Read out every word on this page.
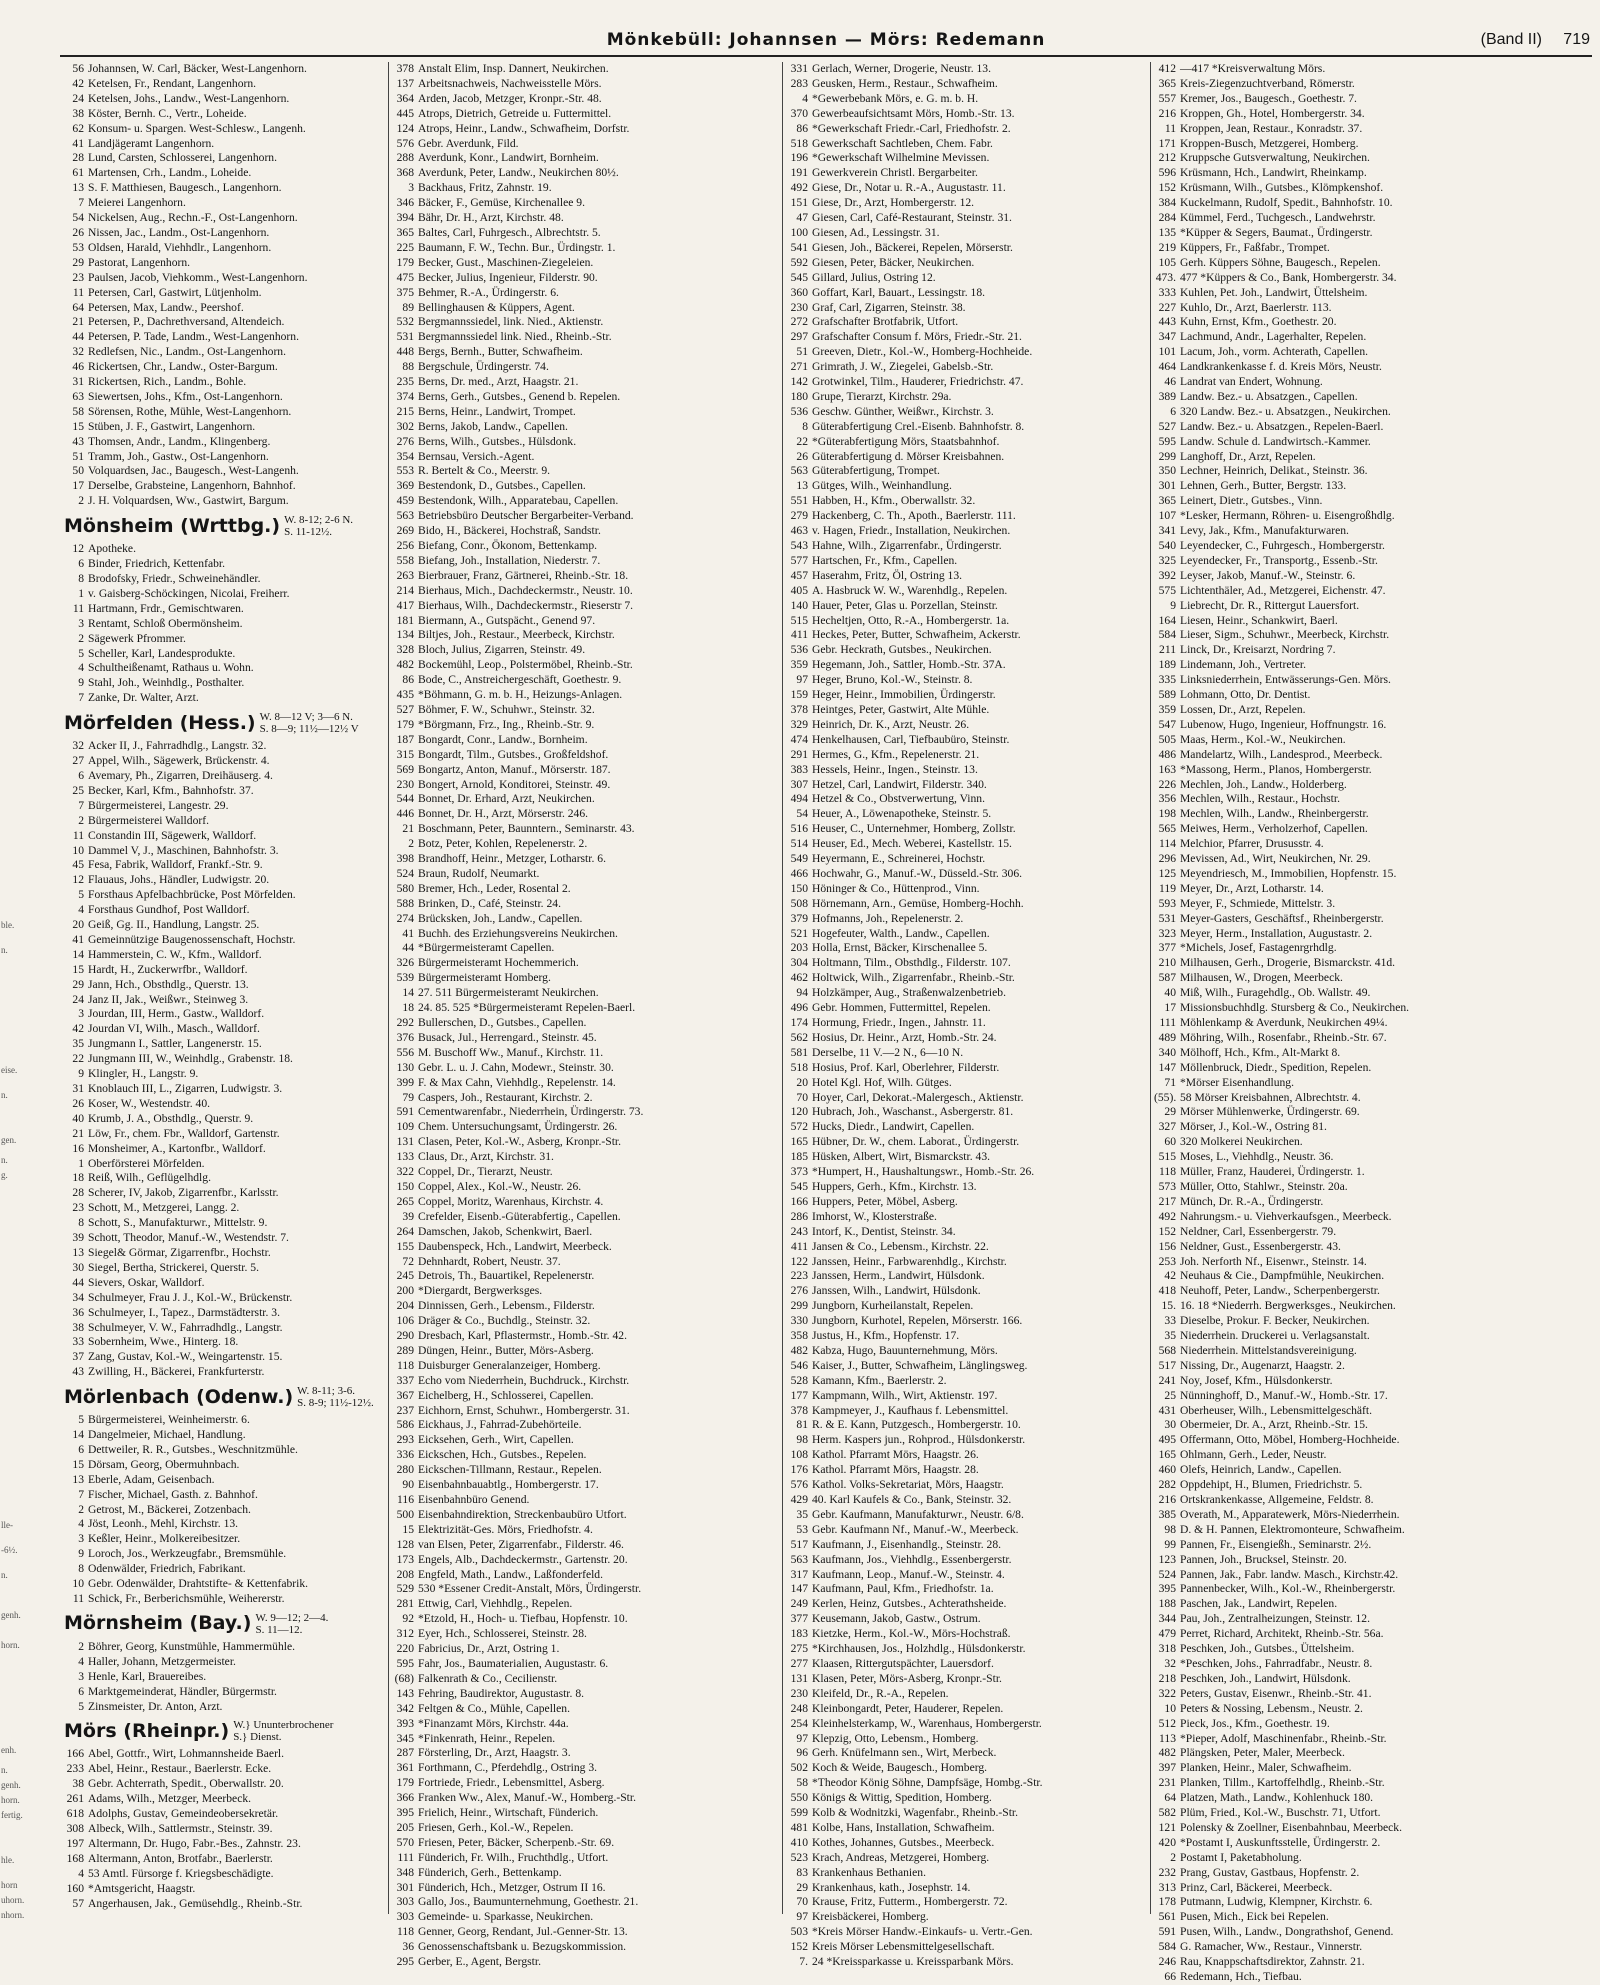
Mönkebüll: Johannsen — Mörs: Redemann	(Band II) 719
ble.
n.
eise.
n.
gen.
n.
g.
lle-
-6½.
n.
genh.
horn.
enh.
n.
genh.
horn.
fertig.
hle.
horn
uhorn.
nhorn.
56 Johannsen, W. Carl, Bäcker, West-Langenhorn.
42 Ketelsen, Fr., Rendant, Langenhorn.
24 Ketelsen, Johs., Landw., West-Langenhorn.
38 Köster, Bernh. C., Vertr., Loheide.
62 Konsum- u. Spargen. West-Schlesw., Langenh.
41 Landjägeramt Langenhorn.
28 Lund, Carsten, Schlosserei, Langenhorn.
61 Martensen, Crh., Landm., Loheide.
13 S. F. Matthiesen, Baugesch., Langenhorn.
7 Meierei Langenhorn.
54 Nickelsen, Aug., Rechn.-F., Ost-Langenhorn.
26 Nissen, Jac., Landm., Ost-Langenhorn.
53 Oldsen, Harald, Viehhdlr., Langenhorn.
29 Pastorat, Langenhorn.
23 Paulsen, Jacob, Viehkomm., West-Langenhorn.
11 Petersen, Carl, Gastwirt, Lütjenholm.
64 Petersen, Max, Landw., Peershof.
21 Petersen, P., Dachrethversand, Altendeich.
44 Petersen, P. Tade, Landm., West-Langenhorn.
32 Redlefsen, Nic., Landm., Ost-Langenhorn.
46 Rickertsen, Chr., Landw., Oster-Bargum.
31 Rickertsen, Rich., Landm., Bohle.
63 Siewertsen, Johs., Kfm., Ost-Langenhorn.
58 Sörensen, Rothe, Mühle, West-Langenhorn.
15 Stüben, J. F., Gastwirt, Langenhorn.
43 Thomsen, Andr., Landm., Klingenberg.
51 Tramm, Joh., Gastw., Ost-Langenhorn.
50 Volquardsen, Jac., Baugesch., West-Langenh.
17 Derselbe, Grabsteine, Langenhorn, Bahnhof.
2 J. H. Volquardsen, Ww., Gastwirt, Bargum.
Mönsheim (Wrttbg.) W. 8-12; 2-6 N.
S. 11-12½.
12 Apotheke.
6 Binder, Friedrich, Kettenfabr.
8 Brodofsky, Friedr., Schweinehändler.
1 v. Gaisberg-Schöckingen, Nicolai, Freiherr.
11 Hartmann, Frdr., Gemischtwaren.
3 Rentamt, Schloß Obermönsheim.
2 Sägewerk Pfrommer.
5 Scheller, Karl, Landesprodukte.
4 Schultheißenamt, Rathaus u. Wohn.
9 Stahl, Joh., Weinhdlg., Posthalter.
7 Zanke, Dr. Walter, Arzt.
Mörfelden (Hess.) W. 8—12 V; 3—6 N.
S. 8—9; 11½—12½ V
32 Acker II, J., Fahrradhdlg., Langstr. 32.
27 Appel, Wilh., Sägewerk, Brückenstr. 4.
6 Avemary, Ph., Zigarren, Dreihäuserg. 4.
25 Becker, Karl, Kfm., Bahnhofstr. 37.
7 Bürgermeisterei, Langestr. 29.
2 Bürgermeisterei Walldorf.
11 Constandin III, Sägewerk, Walldorf.
10 Dammel V, J., Maschinen, Bahnhofstr. 3.
45 Fesa, Fabrik, Walldorf, Frankf.-Str. 9.
12 Flauaus, Johs., Händler, Ludwigstr. 20.
5 Forsthaus Apfelbachbrücke, Post Mörfelden.
4 Forsthaus Gundhof, Post Walldorf.
20 Geiß, Gg. II., Handlung, Langstr. 25.
41 Gemeinnützige Baugenossenschaft, Hochstr.
14 Hammerstein, C. W., Kfm., Walldorf.
15 Hardt, H., Zuckerwrfbr., Walldorf.
29 Jann, Hch., Obsthdlg., Querstr. 13.
24 Janz II, Jak., Weißwr., Steinweg 3.
3 Jourdan, III, Herm., Gastw., Walldorf.
42 Jourdan VI, Wilh., Masch., Walldorf.
35 Jungmann I., Sattler, Langenerstr. 15.
22 Jungmann III, W., Weinhdlg., Grabenstr. 18.
9 Klingler, H., Langstr. 9.
31 Knoblauch III, L., Zigarren, Ludwigstr. 3.
26 Koser, W., Westendstr. 40.
40 Krumb, J. A., Obsthdlg., Querstr. 9.
21 Löw, Fr., chem. Fbr., Walldorf, Gartenstr.
16 Monsheimer, A., Kartonfbr., Walldorf.
1 Oberförsterei Mörfelden.
18 Reiß, Wilh., Geflügelhdlg.
28 Scherer, IV, Jakob, Zigarrenfbr., Karlsstr.
23 Schott, M., Metzgerei, Langg. 2.
8 Schott, S., Manufakturwr., Mittelstr. 9.
39 Schott, Theodor, Manuf.-W., Westendstr. 7.
13 Siegel& Görmar, Zigarrenfbr., Hochstr.
30 Siegel, Bertha, Strickerei, Querstr. 5.
44 Sievers, Oskar, Walldorf.
34 Schulmeyer, Frau J. J., Kol.-W., Brückenstr.
36 Schulmeyer, I., Tapez., Darmstädterstr. 3.
38 Schulmeyer, V. W., Fahrradhdlg., Langstr.
33 Sobernheim, Wwe., Hinterg. 18.
37 Zang, Gustav, Kol.-W., Weingartenstr. 15.
43 Zwilling, H., Bäckerei, Frankfurterstr.
Mörlenbach (Odenw.) W. 8-11; 3-6.
S. 8-9; 11½-12½.
5 Bürgermeisterei, Weinheimerstr. 6.
14 Dangelmeier, Michael, Handlung.
6 Dettweiler, R. R., Gutsbes., Weschnitzmühle.
15 Dörsam, Georg, Obermuhnbach.
13 Eberle, Adam, Geisenbach.
7 Fischer, Michael, Gasth. z. Bahnhof.
2 Getrost, M., Bäckerei, Zotzenbach.
4 Jöst, Leonh., Mehl, Kirchstr. 13.
3 Keßler, Heinr., Molkereibesitzer.
9 Loroch, Jos., Werkzeugfabr., Bremsmühle.
8 Odenwälder, Friedrich, Fabrikant.
10 Gebr. Odenwälder, Drahtstifte- & Kettenfabrik.
11 Schick, Fr., Berberichsmühle, Weihererstr.
Mörnsheim (Bay.) W. 9—12; 2—4.
S. 11—12.
2 Böhrer, Georg, Kunstmühle, Hammermühle.
4 Haller, Johann, Metzgermeister.
3 Henle, Karl, Brauereibes.
6 Marktgemeinderat, Händler, Bürgermstr.
5 Zinsmeister, Dr. Anton, Arzt.
Mörs (Rheinpr.) W.} Ununterbrochener
S.} Dienst.
166 Abel, Gottfr., Wirt, Lohmannsheide Baerl.
233 Abel, Heinr., Restaur., Baerlerstr. Ecke.
38 Gebr. Achterrath, Spedit., Oberwallstr. 20.
261 Adams, Wilh., Metzger, Meerbeck.
618 Adolphs, Gustav, Gemeindeobersekretär.
308 Albeck, Wilh., Sattlermstr., Steinstr. 39.
197 Altermann, Dr. Hugo, Fabr.-Bes., Zahnstr. 23.
168 Altermann, Anton, Brotfabr., Baerlerstr.
4 53 Amtl. Fürsorge f. Kriegsbeschädigte.
160 *Amtsgericht, Haagstr.
57 Angerhausen, Jak., Gemüsehdlg., Rheinb.-Str.
378 Anstalt Elim, Insp. Dannert, Neukirchen.
137 Arbeitsnachweis, Nachweisstelle Mörs.
364 Arden, Jacob, Metzger, Kronpr.-Str. 48.
445 Atrops, Dietrich, Getreide u. Futtermittel.
124 Atrops, Heinr., Landw., Schwafheim, Dorfstr.
576 Gebr. Averdunk, Fild.
288 Averdunk, Konr., Landwirt, Bornheim.
368 Averdunk, Peter, Landw., Neukirchen 80½.
3 Backhaus, Fritz, Zahnstr. 19.
346 Bäcker, F., Gemüse, Kirchenallee 9.
394 Bähr, Dr. H., Arzt, Kirchstr. 48.
365 Baltes, Carl, Fuhrgesch., Albrechtstr. 5.
225 Baumann, F. W., Techn. Bur., Ürdingstr. 1.
179 Becker, Gust., Maschinen-Ziegeleien.
475 Becker, Julius, Ingenieur, Filderstr. 90.
375 Behmer, R.-A., Ürdingerstr. 6.
89 Bellinghausen & Küppers, Agent.
532 Bergmannssiedel, link. Nied., Aktienstr.
531 Bergmannssiedel link. Nied., Rheinb.-Str.
448 Bergs, Bernh., Butter, Schwafheim.
88 Bergschule, Ürdingerstr. 74.
235 Berns, Dr. med., Arzt, Haagstr. 21.
374 Berns, Gerh., Gutsbes., Genend b. Repelen.
215 Berns, Heinr., Landwirt, Trompet.
302 Berns, Jakob, Landw., Capellen.
276 Berns, Wilh., Gutsbes., Hülsdonk.
354 Bernsau, Versich.-Agent.
553 R. Bertelt & Co., Meerstr. 9.
369 Bestendonk, D., Gutsbes., Capellen.
459 Bestendonk, Wilh., Apparatebau, Capellen.
563 Betriebsbüro Deutscher Bergarbeiter-Verband.
269 Bido, H., Bäckerei, Hochstraß, Sandstr.
256 Biefang, Conr., Ökonom, Bettenkamp.
558 Biefang, Joh., Installation, Niederstr. 7.
263 Bierbrauer, Franz, Gärtnerei, Rheinb.-Str. 18.
214 Bierhaus, Mich., Dachdeckermstr., Neustr. 10.
417 Bierhaus, Wilh., Dachdeckermstr., Rieserstr 7.
181 Biermann, A., Gutspächt., Genend 97.
134 Biltjes, Joh., Restaur., Meerbeck, Kirchstr.
328 Bloch, Julius, Zigarren, Steinstr. 49.
482 Bockemühl, Leop., Polstermöbel, Rheinb.-Str.
86 Bode, C., Anstreichergeschäft, Goethestr. 9.
435 *Böhmann, G. m. b. H., Heizungs-Anlagen.
527 Böhmer, F. W., Schuhwr., Steinstr. 32.
179 *Börgmann, Frz., Ing., Rheinb.-Str. 9.
187 Bongardt, Conr., Landw., Bornheim.
315 Bongardt, Tilm., Gutsbes., Großfeldshof.
569 Bongartz, Anton, Manuf., Mörserstr. 187.
230 Bongert, Arnold, Konditorei, Steinstr. 49.
544 Bonnet, Dr. Erhard, Arzt, Neukirchen.
446 Bonnet, Dr. H., Arzt, Mörserstr. 246.
21 Boschmann, Peter, Baunntern., Seminarstr. 43.
2 Botz, Peter, Kohlen, Repelenerstr. 2.
398 Brandhoff, Heinr., Metzger, Lotharstr. 6.
524 Braun, Rudolf, Neumarkt.
580 Bremer, Hch., Leder, Rosental 2.
588 Brinken, D., Café, Steinstr. 24.
274 Brücksken, Joh., Landw., Capellen.
41 Buchh. des Erziehungsvereins Neukirchen.
44 *Bürgermeisteramt Capellen.
326 Bürgermeisteramt Hochemmerich.
539 Bürgermeisteramt Homberg.
14 27. 511 Bürgermeisteramt Neukirchen.
18 24. 85. 525 *Bürgermeisteramt Repelen-Baerl.
292 Bullerschen, D., Gutsbes., Capellen.
376 Busack, Jul., Herrengard., Steinstr. 45.
556 M. Buschoff Ww., Manuf., Kirchstr. 11.
130 Gebr. L. u. J. Cahn, Modewr., Steinstr. 30.
399 F. & Max Cahn, Viehhdlg., Repelenstr. 14.
79 Caspers, Joh., Restaurant, Kirchstr. 2.
591 Cementwarenfabr., Niederrhein, Ürdingerstr. 73.
109 Chem. Untersuchungsamt, Ürdingerstr. 26.
131 Clasen, Peter, Kol.-W., Asberg, Kronpr.-Str.
133 Claus, Dr., Arzt, Kirchstr. 31.
322 Coppel, Dr., Tierarzt, Neustr.
150 Coppel, Alex., Kol.-W., Neustr. 26.
265 Coppel, Moritz, Warenhaus, Kirchstr. 4.
39 Crefelder, Eisenb.-Güterabfertig., Capellen.
264 Damschen, Jakob, Schenkwirt, Baerl.
155 Daubenspeck, Hch., Landwirt, Meerbeck.
72 Dehnhardt, Robert, Neustr. 37.
245 Detrois, Th., Bauartikel, Repelenerstr.
200 *Diergardt, Bergwerksges.
204 Dinnissen, Gerh., Lebensm., Filderstr.
106 Dräger & Co., Buchdlg., Steinstr. 32.
290 Dresbach, Karl, Pflastermstr., Homb.-Str. 42.
289 Düngen, Heinr., Butter, Mörs-Asberg.
118 Duisburger Generalanzeiger, Homberg.
337 Echo vom Niederrhein, Buchdruck., Kirchstr.
367 Eichelberg, H., Schlosserei, Capellen.
237 Eichhorn, Ernst, Schuhwr., Hombergerstr. 31.
586 Eickhaus, J., Fahrrad-Zubehörteile.
293 Eicksehen, Gerh., Wirt, Capellen.
336 Eickschen, Hch., Gutsbes., Repelen.
280 Eickschen-Tillmann, Restaur., Repelen.
90 Eisenbahnbauabtlg., Hombergerstr. 17.
116 Eisenbahnbüro Genend.
500 Eisenbahndirektion, Streckenbaubüro Utfort.
15 Elektrizität-Ges. Mörs, Friedhofstr. 4.
128 van Elsen, Peter, Zigarrenfabr., Filderstr. 46.
173 Engels, Alb., Dachdeckermstr., Gartenstr. 20.
208 Engfeld, Math., Landw., Laßfonderfeld.
529 530 *Essener Credit-Anstalt, Mörs, Ürdingerstr.
281 Ettwig, Carl, Viehhdlg., Repelen.
92 *Etzold, H., Hoch- u. Tiefbau, Hopfenstr. 10.
312 Eyer, Hch., Schlosserei, Steinstr. 28.
220 Fabricius, Dr., Arzt, Ostring 1.
595 Fahr, Jos., Baumaterialien, Augustastr. 6.
(68) Falkenrath & Co., Cecilienstr.
143 Fehring, Baudirektor, Augustastr. 8.
342 Feltgen & Co., Mühle, Capellen.
393 *Finanzamt Mörs, Kirchstr. 44a.
345 *Finkenrath, Heinr., Repelen.
287 Försterling, Dr., Arzt, Haagstr. 3.
361 Forthmann, C., Pferdehdlg., Ostring 3.
179 Fortriede, Friedr., Lebensmittel, Asberg.
366 Franken Ww., Alex, Manuf.-W., Homberg.-Str.
395 Frielich, Heinr., Wirtschaft, Fünderich.
205 Friesen, Gerh., Kol.-W., Repelen.
570 Friesen, Peter, Bäcker, Scherpenb.-Str. 69.
111 Fünderich, Fr. Wilh., Fruchthdlg., Utfort.
348 Fünderich, Gerh., Bettenkamp.
301 Fünderich, Hch., Metzger, Ostrum II 16.
303 Gallo, Jos., Baumunternehmung, Goethestr. 21.
303 Gemeinde- u. Sparkasse, Neukirchen.
118 Genner, Georg, Rendant, Jul.-Genner-Str. 13.
36 Genossenschaftsbank u. Bezugskommission.
295 Gerber, E., Agent, Bergstr.
331 Gerlach, Werner, Drogerie, Neustr. 13.
283 Geusken, Herm., Restaur., Schwafheim.
4 *Gewerbebank Mörs, e. G. m. b. H.
370 Gewerbeaufsichtsamt Mörs, Homb.-Str. 13.
86 *Gewerkschaft Friedr.-Carl, Friedhofstr. 2.
518 Gewerkschaft Sachtleben, Chem. Fabr.
196 *Gewerkschaft Wilhelmine Mevissen.
191 Gewerkverein Christl. Bergarbeiter.
492 Giese, Dr., Notar u. R.-A., Augustastr. 11.
151 Giese, Dr., Arzt, Hombergerstr. 12.
47 Giesen, Carl, Café-Restaurant, Steinstr. 31.
100 Giesen, Ad., Lessingstr. 31.
541 Giesen, Joh., Bäckerei, Repelen, Mörserstr.
592 Giesen, Peter, Bäcker, Neukirchen.
545 Gillard, Julius, Ostring 12.
360 Goffart, Karl, Bauart., Lessingstr. 18.
230 Graf, Carl, Zigarren, Steinstr. 38.
272 Grafschafter Brotfabrik, Utfort.
297 Grafschafter Consum f. Mörs, Friedr.-Str. 21.
51 Greeven, Dietr., Kol.-W., Homberg-Hochheide.
271 Grimrath, J. W., Ziegelei, Gabelsb.-Str.
142 Grotwinkel, Tilm., Hauderer, Friedrichstr. 47.
180 Grupe, Tierarzt, Kirchstr. 29a.
536 Geschw. Günther, Weißwr., Kirchstr. 3.
8 Güterabfertigung Crel.-Eisenb. Bahnhofstr. 8.
22 *Güterabfertigung Mörs, Staatsbahnhof.
26 Güterabfertigung d. Mörser Kreisbahnen.
563 Güterabfertigung, Trompet.
13 Gütges, Wilh., Weinhandlung.
551 Habben, H., Kfm., Oberwallstr. 32.
279 Hackenberg, C. Th., Apoth., Baerlerstr. 111.
463 v. Hagen, Friedr., Installation, Neukirchen.
543 Hahne, Wilh., Zigarrenfabr., Ürdingerstr.
577 Hartschen, Fr., Kfm., Capellen.
457 Haserahm, Fritz, Öl, Ostring 13.
405 A. Hasbruck W. W., Warenhdlg., Repelen.
140 Hauer, Peter, Glas u. Porzellan, Steinstr.
515 Hecheltjen, Otto, R.-A., Hombergerstr. 1a.
411 Heckes, Peter, Butter, Schwafheim, Ackerstr.
536 Gebr. Heckrath, Gutsbes., Neukirchen.
359 Hegemann, Joh., Sattler, Homb.-Str. 37A.
97 Heger, Bruno, Kol.-W., Steinstr. 8.
159 Heger, Heinr., Immobilien, Ürdingerstr.
378 Heintges, Peter, Gastwirt, Alte Mühle.
329 Heinrich, Dr. K., Arzt, Neustr. 26.
474 Henkelhausen, Carl, Tiefbaubüro, Steinstr.
291 Hermes, G., Kfm., Repelenerstr. 21.
383 Hessels, Heinr., Ingen., Steinstr. 13.
307 Hetzel, Carl, Landwirt, Filderstr. 340.
494 Hetzel & Co., Obstverwertung, Vinn.
54 Heuer, A., Löwenapotheke, Steinstr. 5.
516 Heuser, C., Unternehmer, Homberg, Zollstr.
514 Heuser, Ed., Mech. Weberei, Kastellstr. 15.
549 Heyermann, E., Schreinerei, Hochstr.
466 Hochwahr, G., Manuf.-W., Düsseld.-Str. 306.
150 Höninger & Co., Hüttenprod., Vinn.
508 Hörnemann, Arn., Gemüse, Homberg-Hochh.
379 Hofmanns, Joh., Repelenerstr. 2.
521 Hogefeuter, Walth., Landw., Capellen.
203 Holla, Ernst, Bäcker, Kirschenallee 5.
304 Holtmann, Tilm., Obsthdlg., Filderstr. 107.
462 Holtwick, Wilh., Zigarrenfabr., Rheinb.-Str.
94 Holzkämper, Aug., Straßenwalzenbetrieb.
496 Gebr. Hommen, Futtermittel, Repelen.
174 Hormung, Friedr., Ingen., Jahnstr. 11.
562 Hosius, Dr. Heinr., Arzt, Homb.-Str. 24.
581 Derselbe, 11 V.—2 N., 6—10 N.
518 Hosius, Prof. Karl, Oberlehrer, Filderstr.
20 Hotel Kgl. Hof, Wilh. Gütges.
70 Hoyer, Carl, Dekorat.-Malergesch., Aktienstr.
120 Hubrach, Joh., Waschanst., Asbergerstr. 81.
572 Hucks, Diedr., Landwirt, Capellen.
165 Hübner, Dr. W., chem. Laborat., Ürdingerstr.
185 Hüsken, Albert, Wirt, Bismarckstr. 43.
373 *Humpert, H., Haushaltungswr., Homb.-Str. 26.
545 Huppers, Gerh., Kfm., Kirchstr. 13.
166 Huppers, Peter, Möbel, Asberg.
286 Imhorst, W., Klosterstraße.
243 Intorf, K., Dentist, Steinstr. 34.
411 Jansen & Co., Lebensm., Kirchstr. 22.
122 Janssen, Heinr., Farbwarenhdlg., Kirchstr.
223 Janssen, Herm., Landwirt, Hülsdonk.
276 Janssen, Wilh., Landwirt, Hülsdonk.
299 Jungborn, Kurheilanstalt, Repelen.
330 Jungborn, Kurhotel, Repelen, Mörserstr. 166.
358 Justus, H., Kfm., Hopfenstr. 17.
482 Kabza, Hugo, Bauunternehmung, Mörs.
546 Kaiser, J., Butter, Schwafheim, Länglingsweg.
528 Kamann, Kfm., Baerlerstr. 2.
177 Kampmann, Wilh., Wirt, Aktienstr. 197.
378 Kampmeyer, J., Kaufhaus f. Lebensmittel.
81 R. & E. Kann, Putzgesch., Hombergerstr. 10.
98 Herm. Kaspers jun., Rohprod., Hülsdonkerstr.
108 Kathol. Pfarramt Mörs, Haagstr. 26.
176 Kathol. Pfarramt Mörs, Haagstr. 28.
576 Kathol. Volks-Sekretariat, Mörs, Haagstr.
429 40. Karl Kaufels & Co., Bank, Steinstr. 32.
35 Gebr. Kaufmann, Manufakturwr., Neustr. 6/8.
53 Gebr. Kaufmann Nf., Manuf.-W., Meerbeck.
517 Kaufmann, J., Eisenhandlg., Steinstr. 28.
563 Kaufmann, Jos., Viehhdlg., Essenbergerstr.
317 Kaufmann, Leop., Manuf.-W., Steinstr. 4.
147 Kaufmann, Paul, Kfm., Friedhofstr. 1a.
249 Kerlen, Heinz, Gutsbes., Achterathsheide.
377 Keusemann, Jakob, Gastw., Ostrum.
183 Kietzke, Herm., Kol.-W., Mörs-Hochstraß.
275 *Kirchhausen, Jos., Holzhdlg., Hülsdonkerstr.
277 Klaasen, Rittergutspächter, Lauersdorf.
131 Klasen, Peter, Mörs-Asberg, Kronpr.-Str.
230 Kleifeld, Dr., R.-A., Repelen.
248 Kleinbongardt, Peter, Hauderer, Repelen.
254 Kleinhelsterkamp, W., Warenhaus, Hombergerstr.
97 Klepzig, Otto, Lebensm., Homberg.
96 Gerh. Knüfelmann sen., Wirt, Merbeck.
502 Koch & Weide, Baugesch., Homberg.
58 *Theodor König Söhne, Dampfsäge, Hombg.-Str.
550 Königs & Wittig, Spedition, Homberg.
599 Kolb & Wodnitzki, Wagenfabr., Rheinb.-Str.
481 Kolbe, Hans, Installation, Schwafheim.
410 Kothes, Johannes, Gutsbes., Meerbeck.
523 Krach, Andreas, Metzgerei, Homberg.
83 Krankenhaus Bethanien.
29 Krankenhaus, kath., Josephstr. 14.
70 Krause, Fritz, Futterm., Hombergerstr. 72.
97 Kreisbäckerei, Homberg.
503 *Kreis Mörser Handw.-Einkaufs- u. Vertr.-Gen.
152 Kreis Mörser Lebensmittelgesellschaft.
7. 24 *Kreissparkasse u. Kreissparbank Mörs.
412 —417 *Kreisverwaltung Mörs.
365 Kreis-Ziegenzuchtverband, Römerstr.
557 Kremer, Jos., Baugesch., Goethestr. 7.
216 Kroppen, Gh., Hotel, Hombergerstr. 34.
11 Kroppen, Jean, Restaur., Konradstr. 37.
171 Kroppen-Busch, Metzgerei, Homberg.
212 Kruppsche Gutsverwaltung, Neukirchen.
596 Krüsmann, Hch., Landwirt, Rheinkamp.
152 Krüsmann, Wilh., Gutsbes., Klömpkenshof.
384 Kuckelmann, Rudolf, Spedit., Bahnhofstr. 10.
284 Kümmel, Ferd., Tuchgesch., Landwehrstr.
135 *Küpper & Segers, Baumat., Ürdingerstr.
219 Küppers, Fr., Faßfabr., Trompet.
105 Gerh. Küppers Söhne, Baugesch., Repelen.
473. 477 *Küppers & Co., Bank, Hombergerstr. 34.
333 Kuhlen, Pet. Joh., Landwirt, Üttelsheim.
227 Kuhlo, Dr., Arzt, Baerlerstr. 113.
443 Kuhn, Ernst, Kfm., Goethestr. 20.
347 Lachmund, Andr., Lagerhalter, Repelen.
101 Lacum, Joh., vorm. Achterath, Capellen.
464 Landkrankenkasse f. d. Kreis Mörs, Neustr.
46 Landrat van Endert, Wohnung.
389 Landw. Bez.- u. Absatzgen., Capellen.
6 320 Landw. Bez.- u. Absatzgen., Neukirchen.
527 Landw. Bez.- u. Absatzgen., Repelen-Baerl.
595 Landw. Schule d. Landwirtsch.-Kammer.
299 Langhoff, Dr., Arzt, Repelen.
350 Lechner, Heinrich, Delikat., Steinstr. 36.
301 Lehnen, Gerh., Butter, Bergstr. 133.
365 Leinert, Dietr., Gutsbes., Vinn.
107 *Lesker, Hermann, Röhren- u. Eisengroßhdlg.
341 Levy, Jak., Kfm., Manufakturwaren.
540 Leyendecker, C., Fuhrgesch., Hombergerstr.
325 Leyendecker, Fr., Transportg., Essenb.-Str.
392 Leyser, Jakob, Manuf.-W., Steinstr. 6.
575 Lichtenthäler, Ad., Metzgerei, Eichenstr. 47.
9 Liebrecht, Dr. R., Rittergut Lauersfort.
164 Liesen, Heinr., Schankwirt, Baerl.
584 Lieser, Sigm., Schuhwr., Meerbeck, Kirchstr.
211 Linck, Dr., Kreisarzt, Nordring 7.
189 Lindemann, Joh., Vertreter.
335 Linksniederrhein, Entwässerungs-Gen. Mörs.
589 Lohmann, Otto, Dr. Dentist.
359 Lossen, Dr., Arzt, Repelen.
547 Lubenow, Hugo, Ingenieur, Hoffnungstr. 16.
505 Maas, Herm., Kol.-W., Neukirchen.
486 Mandelartz, Wilh., Landesprod., Meerbeck.
163 *Massong, Herm., Planos, Hombergerstr.
226 Mechlen, Joh., Landw., Holderberg.
356 Mechlen, Wilh., Restaur., Hochstr.
198 Mechlen, Wilh., Landw., Rheinbergerstr.
565 Meiwes, Herm., Verholzerhof, Capellen.
114 Melchior, Pfarrer, Drususstr. 4.
296 Mevissen, Ad., Wirt, Neukirchen, Nr. 29.
125 Meyendriesch, M., Immobilien, Hopfenstr. 15.
119 Meyer, Dr., Arzt, Lotharstr. 14.
593 Meyer, F., Schmiede, Mittelstr. 3.
531 Meyer-Gasters, Geschäftsf., Rheinbergerstr.
323 Meyer, Herm., Installation, Augustastr. 2.
377 *Michels, Josef, Fastagenrgrhdlg.
210 Milhausen, Gerh., Drogerie, Bismarckstr. 41d.
587 Milhausen, W., Drogen, Meerbeck.
40 Miß, Wilh., Furagehdlg., Ob. Wallstr. 49.
17 Missionsbuchhdlg. Stursberg & Co., Neukirchen.
111 Möhlenkamp & Averdunk, Neukirchen 49¼.
489 Möhring, Wilh., Rosenfabr., Rheinb.-Str. 67.
340 Mölhoff, Hch., Kfm., Alt-Markt 8.
147 Möllenbruck, Diedr., Spedition, Repelen.
71 *Mörser Eisenhandlung.
(55). 58 Mörser Kreisbahnen, Albrechtstr. 4.
29 Mörser Mühlenwerke, Ürdingerstr. 69.
327 Mörser, J., Kol.-W., Ostring 81.
60 320 Molkerei Neukirchen.
515 Moses, L., Viehhdlg., Neustr. 36.
118 Müller, Franz, Hauderei, Ürdingerstr. 1.
573 Müller, Otto, Stahlwr., Steinstr. 20a.
217 Münch, Dr. R.-A., Ürdingerstr.
492 Nahrungsm.- u. Viehverkaufsgen., Meerbeck.
152 Neldner, Carl, Essenbergerstr. 79.
156 Neldner, Gust., Essenbergerstr. 43.
253 Joh. Nerforth Nf., Eisenwr., Steinstr. 14.
42 Neuhaus & Cie., Dampfmühle, Neukirchen.
418 Neuhoff, Peter, Landw., Scherpenbergerstr.
15. 16. 18 *Niederrh. Bergwerksges., Neukirchen.
33 Dieselbe, Prokur. F. Becker, Neukirchen.
35 Niederrhein. Druckerei u. Verlagsanstalt.
568 Niederrhein. Mittelstandsvereinigung.
517 Nissing, Dr., Augenarzt, Haagstr. 2.
241 Noy, Josef, Kfm., Hülsdonkerstr.
25 Nünninghoff, D., Manuf.-W., Homb.-Str. 17.
431 Oberheuser, Wilh., Lebensmittelgeschäft.
30 Obermeier, Dr. A., Arzt, Rheinb.-Str. 15.
495 Offermann, Otto, Möbel, Homberg-Hochheide.
165 Ohlmann, Gerh., Leder, Neustr.
460 Olefs, Heinrich, Landw., Capellen.
282 Oppdehipt, H., Blumen, Friedrichstr. 5.
216 Ortskrankenkasse, Allgemeine, Feldstr. 8.
385 Overath, M., Apparatewerk, Mörs-Niederrhein.
98 D. & H. Pannen, Elektromonteure, Schwafheim.
99 Pannen, Fr., Eisengießh., Seminarstr. 2½.
123 Pannen, Joh., Brucksel, Steinstr. 20.
524 Pannen, Jak., Fabr. landw. Masch., Kirchstr.42.
395 Pannenbecker, Wilh., Kol.-W., Rheinbergerstr.
188 Paschen, Jak., Landwirt, Repelen.
344 Pau, Joh., Zentralheizungen, Steinstr. 12.
479 Perret, Richard, Architekt, Rheinb.-Str. 56a.
318 Peschken, Joh., Gutsbes., Üttelsheim.
32 *Peschken, Johs., Fahrradfabr., Neustr. 8.
218 Peschken, Joh., Landwirt, Hülsdonk.
322 Peters, Gustav, Eisenwr., Rheinb.-Str. 41.
10 Peters & Nossing, Lebensm., Neustr. 2.
512 Pieck, Jos., Kfm., Goethestr. 19.
113 *Pieper, Adolf, Maschinenfabr., Rheinb.-Str.
482 Plängsken, Peter, Maler, Meerbeck.
397 Planken, Heinr., Maler, Schwafheim.
231 Planken, Tillm., Kartoffelhdlg., Rheinb.-Str.
64 Platzen, Math., Landw., Kohlenhuck 180.
582 Plüm, Fried., Kol.-W., Buschstr. 71, Utfort.
121 Polensky & Zoellner, Eisenbahnbau, Meerbeck.
420 *Postamt I, Auskunftsstelle, Ürdingerstr. 2.
2 Postamt I, Paketabholung.
232 Prang, Gustav, Gastbaus, Hopfenstr. 2.
313 Prinz, Carl, Bäckerei, Meerbeck.
178 Putmann, Ludwig, Klempner, Kirchstr. 6.
561 Pusen, Mich., Eick bei Repelen.
591 Pusen, Wilh., Landw., Dongrathshof, Genend.
584 G. Ramacher, Ww., Restaur., Vinnerstr.
246 Rau, Knappschaftsdirektor, Zahnstr. 21.
66 Redemann, Hch., Tiefbau.
